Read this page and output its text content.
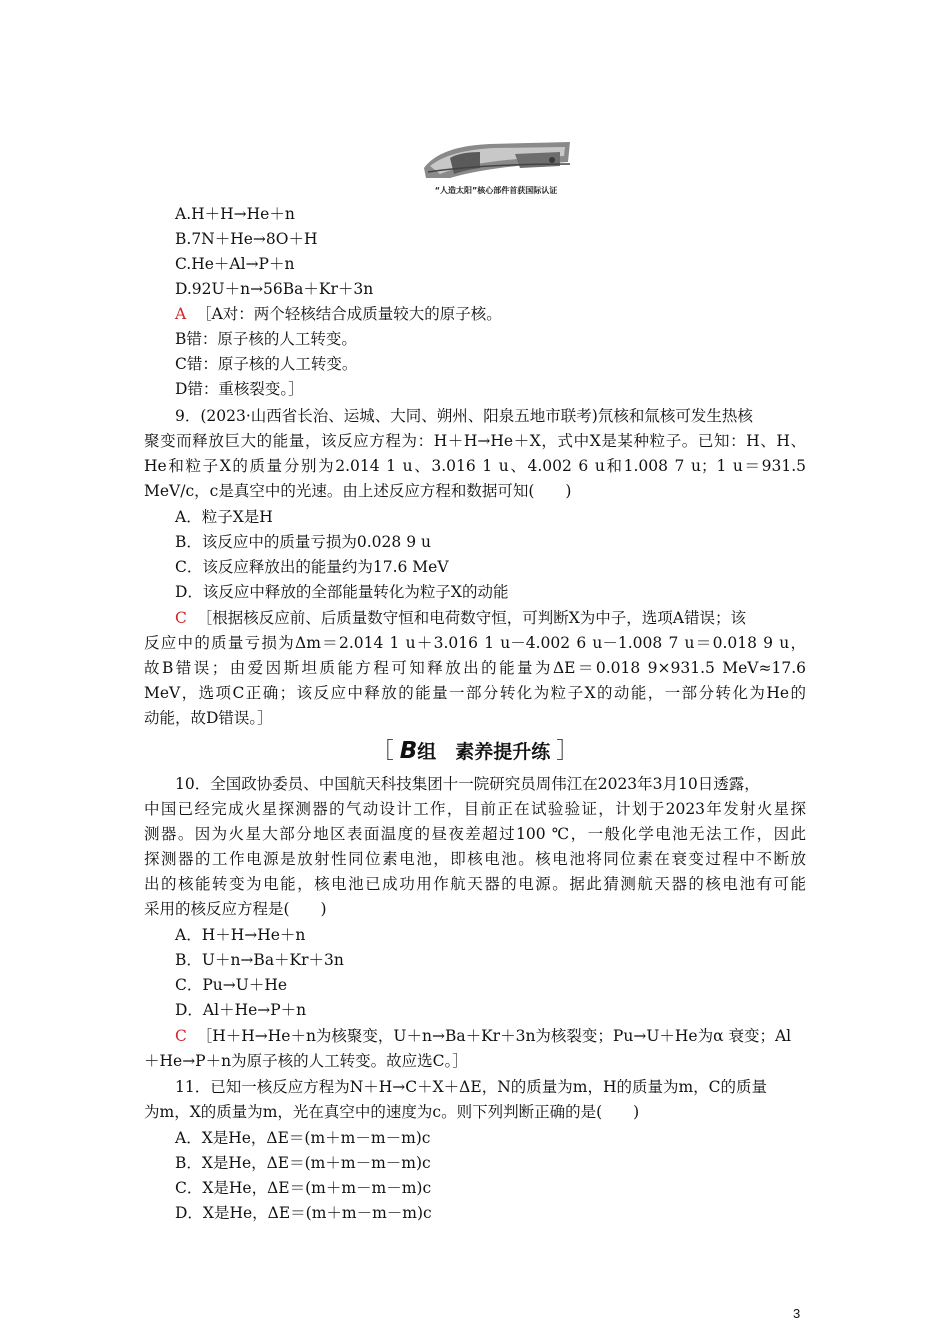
“人造太阳”核心部件首获国际认证
A.H＋H→He＋n
B.7N＋He→8O＋H
C.He＋Al→P＋n
D.92U＋n→56Ba＋Kr＋3n
A ［A对：两个轻核结合成质量较大的原子核。
B错：原子核的人工转变。
C错：原子核的人工转变。
D错：重核裂变。］
9．(2023·山西省长治、运城、大同、朔州、阳泉五地市联考)氘核和氚核可发生热核
聚变而释放巨大的能量，该反应方程为：H＋H→He＋X，式中X是某种粒子。已知：H、H、
He和粒子X的质量分别为2.014 1 u、3.016 1 u、4.002 6 u和1.008 7 u；1 u＝931.5
MeV/c，c是真空中的光速。由上述反应方程和数据可知(　　)
A．粒子X是H
B．该反应中的质量亏损为0.028 9 u
C．该反应释放出的能量约为17.6 MeV
D．该反应中释放的全部能量转化为粒子X的动能
C ［根据核反应前、后质量数守恒和电荷数守恒，可判断X为中子，选项A错误；该
反应中的质量亏损为Δm＝2.014 1 u＋3.016 1 u－4.002 6 u－1.008 7 u＝0.018 9 u，
故B错误；由爱因斯坦质能方程可知释放出的能量为ΔE＝0.018 9×931.5 MeV≈17.6
MeV，选项C正确；该反应中释放的能量一部分转化为粒子X的动能，一部分转化为He的
动能，故D错误。］
［ B组　素养提升练 ］
10．全国政协委员、中国航天科技集团十一院研究员周伟江在2023年3月10日透露，
中国已经完成火星探测器的气动设计工作，目前正在试验验证，计划于2023年发射火星探
测器。因为火星大部分地区表面温度的昼夜差超过100 ℃，一般化学电池无法工作，因此
探测器的工作电源是放射性同位素电池，即核电池。核电池将同位素在衰变过程中不断放
出的核能转变为电能，核电池已成功用作航天器的电源。据此猜测航天器的核电池有可能
采用的核反应方程是(　　)
A．H＋H→He＋n
B．U＋n→Ba＋Kr＋3n
C．Pu→U＋He
D．Al＋He→P＋n
C ［H＋H→He＋n为核聚变，U＋n→Ba＋Kr＋3n为核裂变；Pu→U＋He为α 衰变；Al
＋He→P＋n为原子核的人工转变。故应选C。］
11．已知一核反应方程为N＋H→C＋X＋ΔE，N的质量为m，H的质量为m，C的质量
为m，X的质量为m，光在真空中的速度为c。则下列判断正确的是(　　)
A．X是He，ΔE＝(m＋m－m－m)c
B．X是He，ΔE＝(m＋m－m－m)c
C．X是He，ΔE＝(m＋m－m－m)c
D．X是He，ΔE＝(m＋m－m－m)c
3
